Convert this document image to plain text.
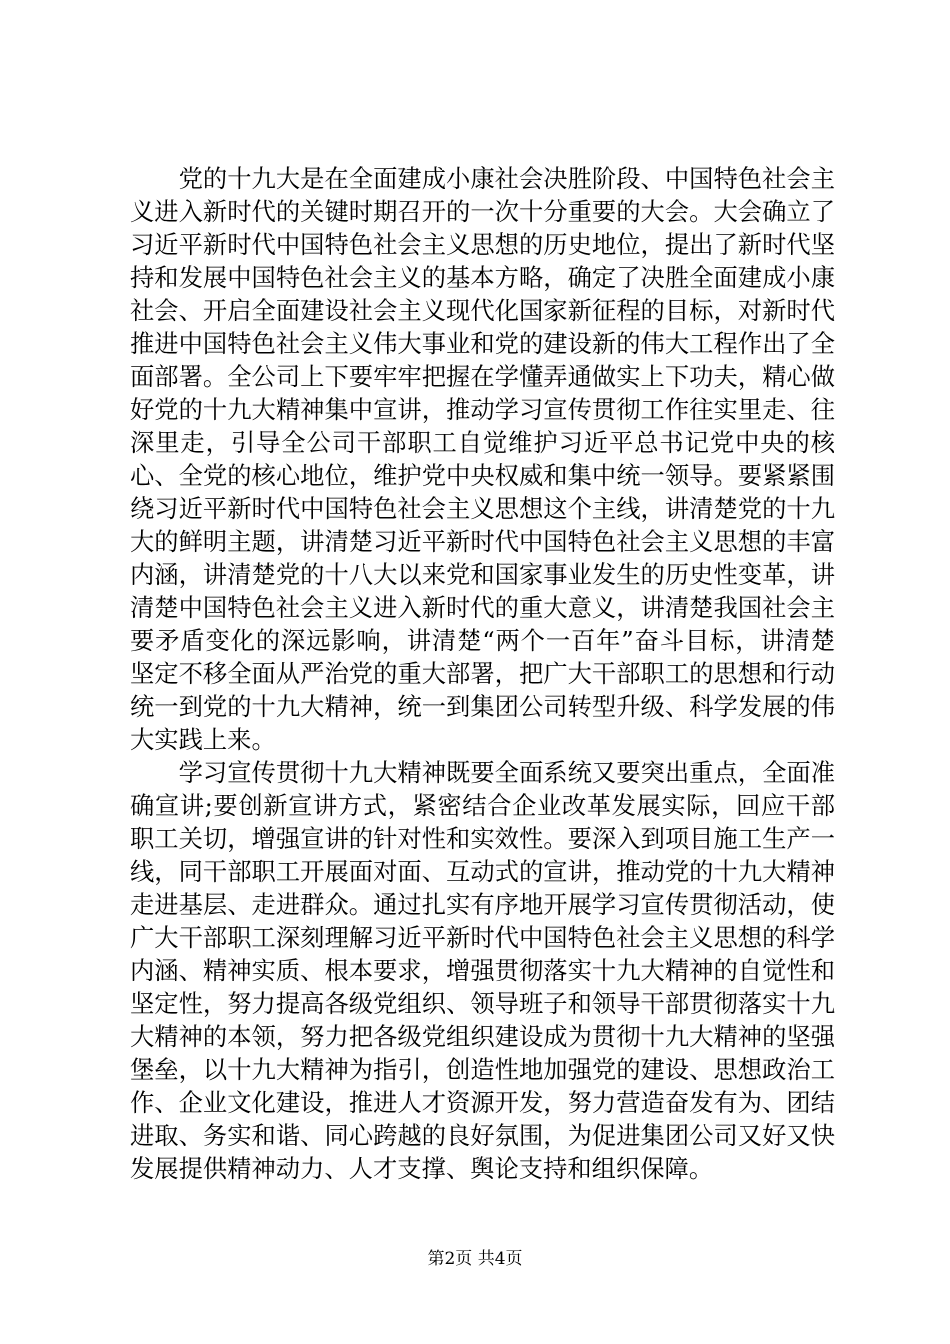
党的十九大是在全面建成小康社会决胜阶段、中国特色社会主义进入新时代的关键时期召开的一次十分重要的大会。大会确立了习近平新时代中国特色社会主义思想的历史地位，提出了新时代坚持和发展中国特色社会主义的基本方略，确定了决胜全面建成小康社会、开启全面建设社会主义现代化国家新征程的目标，对新时代推进中国特色社会主义伟大事业和党的建设新的伟大工程作出了全面部署。全公司上下要牢牢把握在学懂弄通做实上下功夫，精心做好党的十九大精神集中宣讲，推动学习宣传贯彻工作往实里走、往深里走，引导全公司干部职工自觉维护习近平总书记党中央的核心、全党的核心地位，维护党中央权威和集中统一领导。要紧紧围绕习近平新时代中国特色社会主义思想这个主线，讲清楚党的十九大的鲜明主题，讲清楚习近平新时代中国特色社会主义思想的丰富内涵，讲清楚党的十八大以来党和国家事业发生的历史性变革，讲清楚中国特色社会主义进入新时代的重大意义，讲清楚我国社会主要矛盾变化的深远影响，讲清楚“两个一百年”奋斗目标，讲清楚坚定不移全面从严治党的重大部署，把广大干部职工的思想和行动统一到党的十九大精神，统一到集团公司转型升级、科学发展的伟大实践上来。

学习宣传贯彻十九大精神既要全面系统又要突出重点，全面准确宣讲;要创新宣讲方式，紧密结合企业改革发展实际，回应干部职工关切，增强宣讲的针对性和实效性。要深入到项目施工生产一线，同干部职工开展面对面、互动式的宣讲，推动党的十九大精神走进基层、走进群众。通过扎实有序地开展学习宣传贯彻活动，使广大干部职工深刻理解习近平新时代中国特色社会主义思想的科学内涵、精神实质、根本要求，增强贯彻落实十九大精神的自觉性和坚定性，努力提高各级党组织、领导班子和领导干部贯彻落实十九大精神的本领，努力把各级党组织建设成为贯彻十九大精神的坚强堡垒，以十九大精神为指引，创造性地加强党的建设、思想政治工作、企业文化建设，推进人才资源开发，努力营造奋发有为、团结进取、务实和谐、同心跨越的良好氛围，为促进集团公司又好又快发展提供精神动力、人才支撑、舆论支持和组织保障。

第2页 共4页
